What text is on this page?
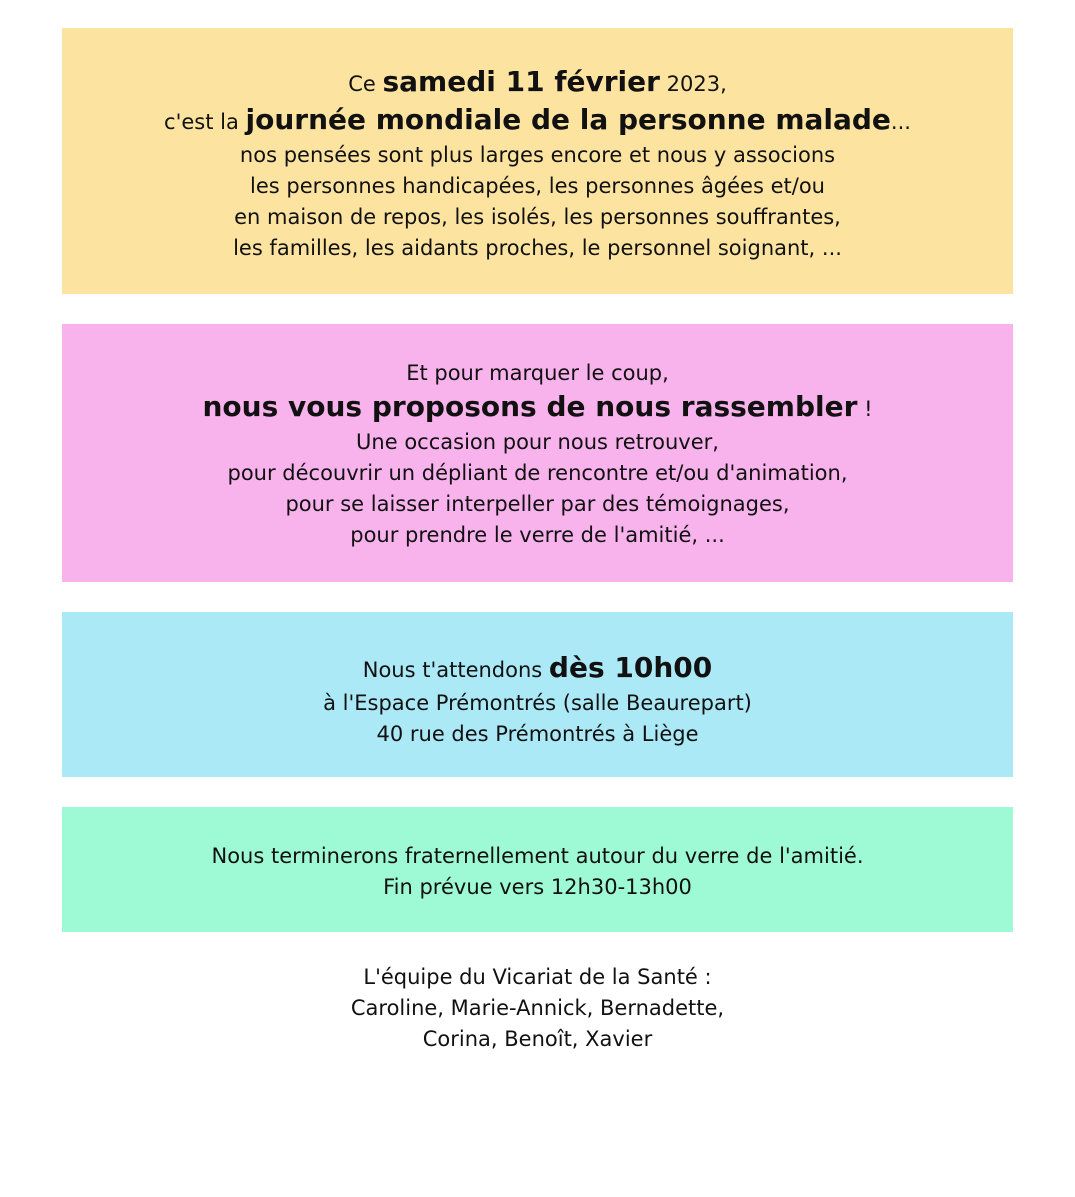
Ce samedi 11 février 2023,
c'est la journée mondiale de la personne malade...
nos pensées sont plus larges encore et nous y associons
les personnes handicapées, les personnes âgées et/ou
en maison de repos, les isolés, les personnes souffrantes,
les familles, les aidants proches, le personnel soignant, ...
Et pour marquer le coup,
nous vous proposons de nous rassembler !
Une occasion pour nous retrouver,
pour découvrir un dépliant de rencontre et/ou d'animation,
pour se laisser interpeller par des témoignages,
pour prendre le verre de l'amitié, ...
Nous t'attendons dès 10h00
à l'Espace Prémontrés (salle Beaurepart)
40 rue des Prémontrés à Liège
Nous terminerons fraternellement autour du verre de l'amitié.
Fin prévue vers 12h30-13h00
L'équipe du Vicariat de la Santé :
Caroline, Marie-Annick, Bernadette,
Corina, Benoît, Xavier
